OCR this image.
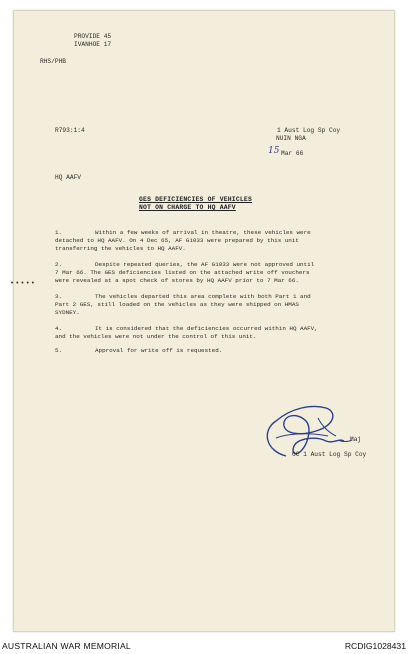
PROVIDE 45
IVANHOE 17
RHS/PHB
R793:1:4	1 Aust Log Sp Coy
NUIN NGA
15 Mar 66
HQ AAFV
GES DEFICIENCIES OF VEHICLES
NOT ON CHARGE TO HQ AAFV
•••••
1.	Within a few weeks of arrival in theatre, these vehicles were
detached to HQ AAFV. On 4 Dec 65, AF G1033 were prepared by this unit
transferring the vehicles to HQ AAFV.
2.	Despite repeated queries, the AF G1033 were not approved until
7 Mar 66. The GES deficiencies listed on the attached write off vouchers
were revealed at a spot check of stores by HQ AAFV prior to 7 Mar 66.
3.	The vehicles departed this area complete with both Part 1 and
Part 2 GES, still loaded on the vehicles as they were shipped on HMAS
SYDNEY.
4.	It is considered that the deficiencies occurred within HQ AAFV,
and the vehicles were not under the control of this unit.
5.	Approval for write off is requested.
Maj
OC 1 Aust Log Sp Coy
AUSTRALIAN WAR MEMORIAL	RCDIG1028431
